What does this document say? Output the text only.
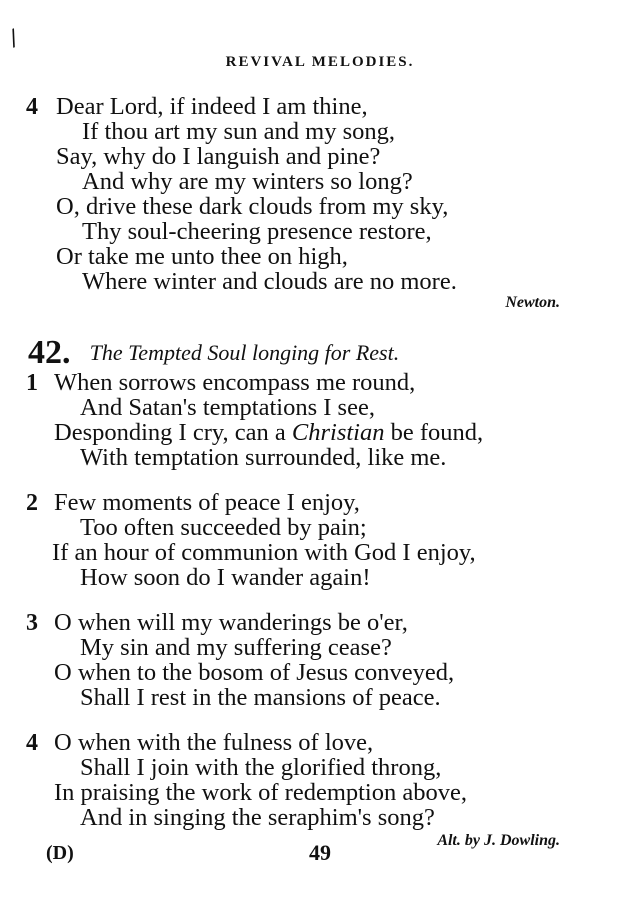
/
REVIVAL MELODIES.
4 Dear Lord, if indeed I am thine,
If thou art my sun and my song,
Say, why do I languish and pine?
And why are my winters so long?
O, drive these dark clouds from my sky,
Thy soul-cheering presence restore,
Or take me unto thee on high,
Where winter and clouds are no more.
Newton.
42. The Tempted Soul longing for Rest.
1 When sorrows encompass me round,
And Satan's temptations I see,
Desponding I cry, can a Christian be found,
With temptation surrounded, like me.
2 Few moments of peace I enjoy,
Too often succeeded by pain;
If an hour of communion with God I enjoy,
How soon do I wander again!
3 O when will my wanderings be o'er,
My sin and my suffering cease?
O when to the bosom of Jesus conveyed,
Shall I rest in the mansions of peace.
4 O when with the fulness of love,
Shall I join with the glorified throng,
In praising the work of redemption above,
And in singing the seraphim's song?
Alt. by J. Dowling.
(D)	49
